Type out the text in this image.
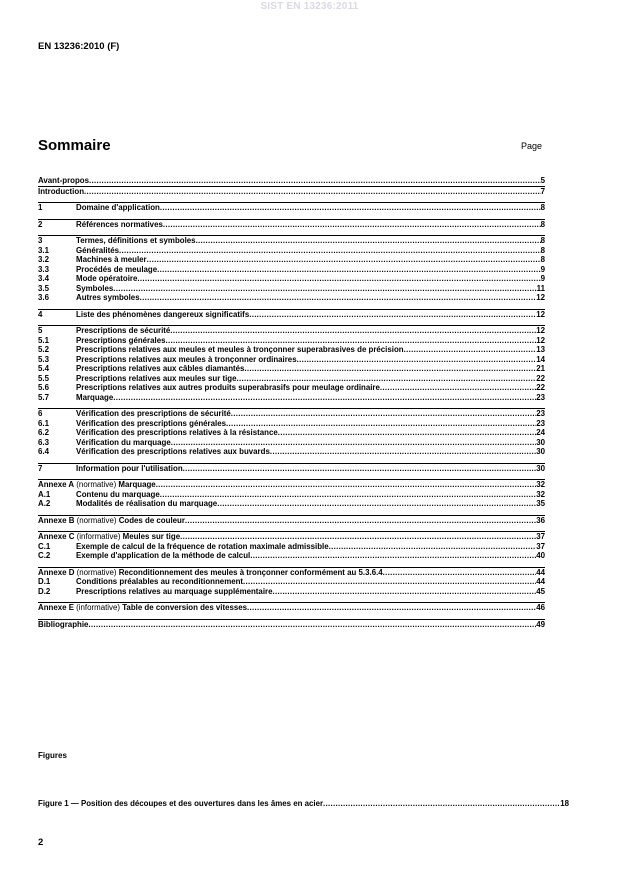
SIST EN 13236:2011
EN 13236:2010 (F)
Sommaire	Page
Avant-propos .....	5
Introduction .....	7
1	Domaine d'application .....	8
2	Références normatives .....	8
3	Termes, définitions et symboles .....	8
3.1	Généralités .....	8
3.2	Machines à meuler .....	8
3.3	Procédés de meulage .....	9
3.4	Mode opératoire .....	9
3.5	Symboles .....	11
3.6	Autres symboles .....	12
4	Liste des phénomènes dangereux significatifs .....	12
5	Prescriptions de sécurité .....	12
5.1	Prescriptions générales .....	12
5.2	Prescriptions relatives aux meules et meules à tronçonner superabrasives de précision .....	13
5.3	Prescriptions relatives aux meules à tronçonner ordinaires .....	14
5.4	Prescriptions relatives aux câbles diamantés .....	21
5.5	Prescriptions relatives aux meules sur tige .....	22
5.6	Prescriptions relatives aux autres produits superabrasifs pour meulage ordinaire .....	22
5.7	Marquage .....	23
6	Vérification des prescriptions de sécurité .....	23
6.1	Vérification des prescriptions générales .....	23
6.2	Vérification des prescriptions relatives à la résistance .....	24
6.3	Vérification du marquage .....	30
6.4	Vérification des prescriptions relatives aux buvards .....	30
7	Information pour l'utilisation .....	30
Annexe A (normative) Marquage .....	32
A.1	Contenu du marquage .....	32
A.2	Modalités de réalisation du marquage .....	35
Annexe B (normative) Codes de couleur .....	36
Annexe C (informative) Meules sur tige .....	37
C.1	Exemple de calcul de la fréquence de rotation maximale admissible .....	37
C.2	Exemple d'application de la méthode de calcul .....	40
Annexe D (normative) Reconditionnement des meules à tronçonner conformément au 5.3.6.4 .....	44
D.1	Conditions préalables au reconditionnement .....	44
D.2	Prescriptions relatives au marquage supplémentaire .....	45
Annexe E (informative) Table de conversion des vitesses .....	46
Bibliographie .....	49
Figures
Figure 1 — Position des découpes et des ouvertures dans les âmes en acier .....	18
2
